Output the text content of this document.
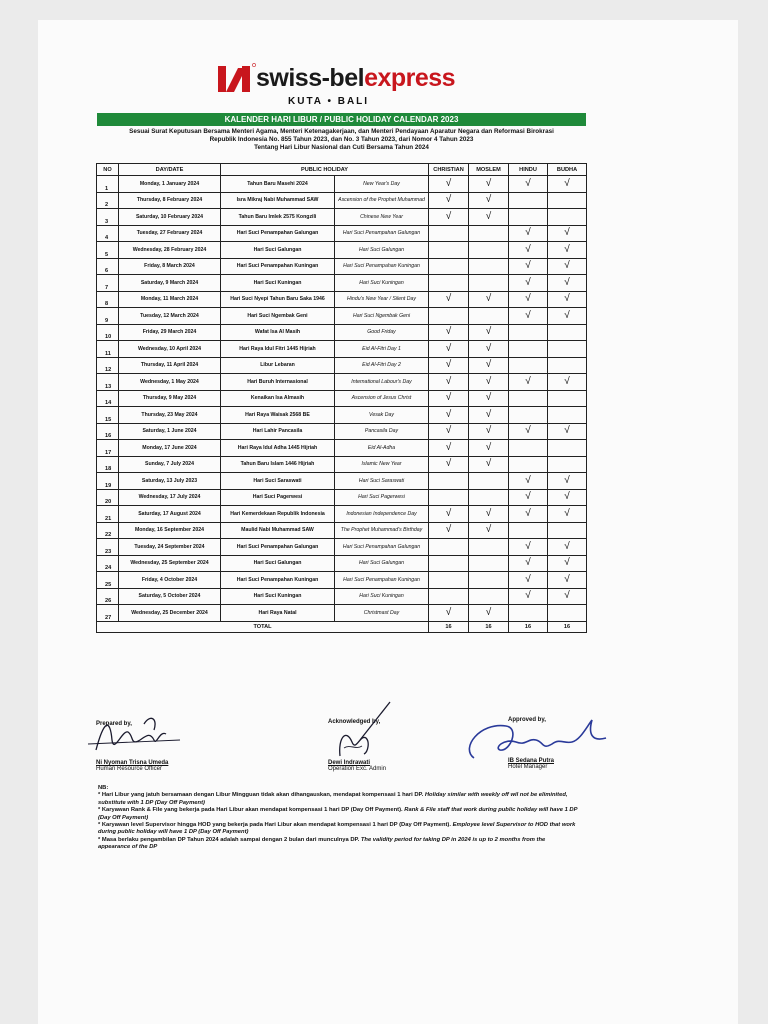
swiss-belexpress
KUTA • BALI
KALENDER HARI LIBUR / PUBLIC HOLIDAY CALENDAR 2023
Sesuai Surat Keputusan Bersama Menteri Agama, Menteri Ketenagakerjaan, dan Menteri Pendayaan Aparatur Negara dan Reformasi Birokrasi
Republik Indonesia No. 855 Tahun 2023, dan No. 3 Tahun 2023, dari Nomor 4 Tahun 2023
Tentang Hari Libur Nasional dan Cuti Bersama Tahun 2024
NO	DAY/DATE	PUBLIC HOLIDAY		CHRISTIAN	MOSLEM	HINDU	BUDHA
1	Monday, 1 January 2024	Tahun Baru Masehi 2024	New Year's Day	√	√	√	√
2	Thursday, 8 February 2024	Isra Mikraj Nabi Muhammad SAW	Ascension of the Prophet Muhammad	√	√		
3	Saturday, 10 February 2024	Tahun Baru Imlek 2575 Kongzili	Chinese New Year	√	√		
4	Tuesday, 27 February 2024	Hari Suci Penampahan Galungan	Hari Suci Penampahan Galungan			√	√
5	Wednesday, 28 February 2024	Hari Suci Galungan	Hari Suci Galungan			√	√
6	Friday, 8 March 2024	Hari Suci Penampahan Kuningan	Hari Suci Penampahan Kuningan			√	√
7	Saturday, 9 March 2024	Hari Suci Kuningan	Hari Suci Kuningan			√	√
8	Monday, 11 March 2024	Hari Suci Nyepi Tahun Baru Saka 1946	Hindu's New Year / Silent Day	√	√	√	√
9	Tuesday, 12 March 2024	Hari Suci Ngembak Geni	Hari Suci Ngembak Geni			√	√
10	Friday, 29 March 2024	Wafat Isa Al Masih	Good Friday	√	√		
11	Wednesday, 10 April 2024	Hari Raya Idul Fitri 1445 Hijriah	Eid Al-Fitri Day 1	√	√		
12	Thursday, 11 April 2024	Libur Lebaran	Eid Al-Fitri Day 2	√	√		
13	Wednesday, 1 May 2024	Hari Buruh Internasional	International Labour's Day	√	√	√	√
14	Thursday, 9 May 2024	Kenaikan Isa Almasih	Ascension of Jesus Christ	√	√		
15	Thursday, 23 May 2024	Hari Raya Waisak 2568 BE	Vesak Day	√	√		
16	Saturday, 1 June 2024	Hari Lahir Pancasila	Pancasila Day	√	√	√	√
17	Monday, 17 June 2024	Hari Raya Idul Adha 1445 Hijriah	Eid Al-Adha	√	√		
18	Sunday, 7 July 2024	Tahun Baru Islam 1446 Hijriah	Islamic New Year	√	√		
19	Saturday, 13 July 2023	Hari Suci Saraswati	Hari Suci Saraswati			√	√
20	Wednesday, 17 July 2024	Hari Suci Pagerwesi	Hari Suci Pagerwesi			√	√
21	Saturday, 17 August 2024	Hari Kemerdekaan Republik Indonesia	Indonesian Independence Day	√	√	√	√
22	Monday, 16 September 2024	Maulid Nabi Muhammad SAW	The Prophet Muhammad's Birthday	√	√		
23	Tuesday, 24 September 2024	Hari Suci Penampahan Galungan	Hari Suci Penampahan Galungan			√	√
24	Wednesday, 25 September 2024	Hari Suci Galungan	Hari Suci Galungan			√	√
25	Friday, 4 October 2024	Hari Suci Penampahan Kuningan	Hari Suci Penampahan Kuningan			√	√
26	Saturday, 5 October 2024	Hari Suci Kuningan	Hari Suci Kuningan			√	√
27	Wednesday, 25 December 2024	Hari Raya Natal	Christmast Day	√	√		
TOTAL				16	16	16	16
Prepared by,
Ni Nyoman Trisna Umeda
Human Resource Officer
Acknowledged by,
Dewi Indrawati
Operation Exc. Admin
Approved by,
IB Sedana Putra
Hotel Manager

NB:

* Hari Libur yang jatuh bersamaan dengan Libur Mingguan tidak akan dihangauskan, mendapat kompensasi 1 hari DP. Holiday similar with weekly off wil not be eliminited, substitute with 1 DP (Day Off Payment)

* Karyawan Rank & File yang bekerja pada Hari Libur akan mendapat kompensasi 1 hari DP (Day Off Payment). Rank & File staff that work during public holiday will have 1 DP (Day Off Payment)

* Karyawan level Supervisor hingga HOD yang bekerja pada Hari Libur akan mendapat kompensasi 1 hari DP (Day Off Payment). Employee level Supervisor to HOD that work during public holiday will have 1 DP (Day Off Payment)

* Masa berlaku pengambilan DP Tahun 2024 adalah sampai dengan 2 bulan dari munculnya DP. The validity period for taking DP in 2024 is up to 2 months from the appearance of the DP
